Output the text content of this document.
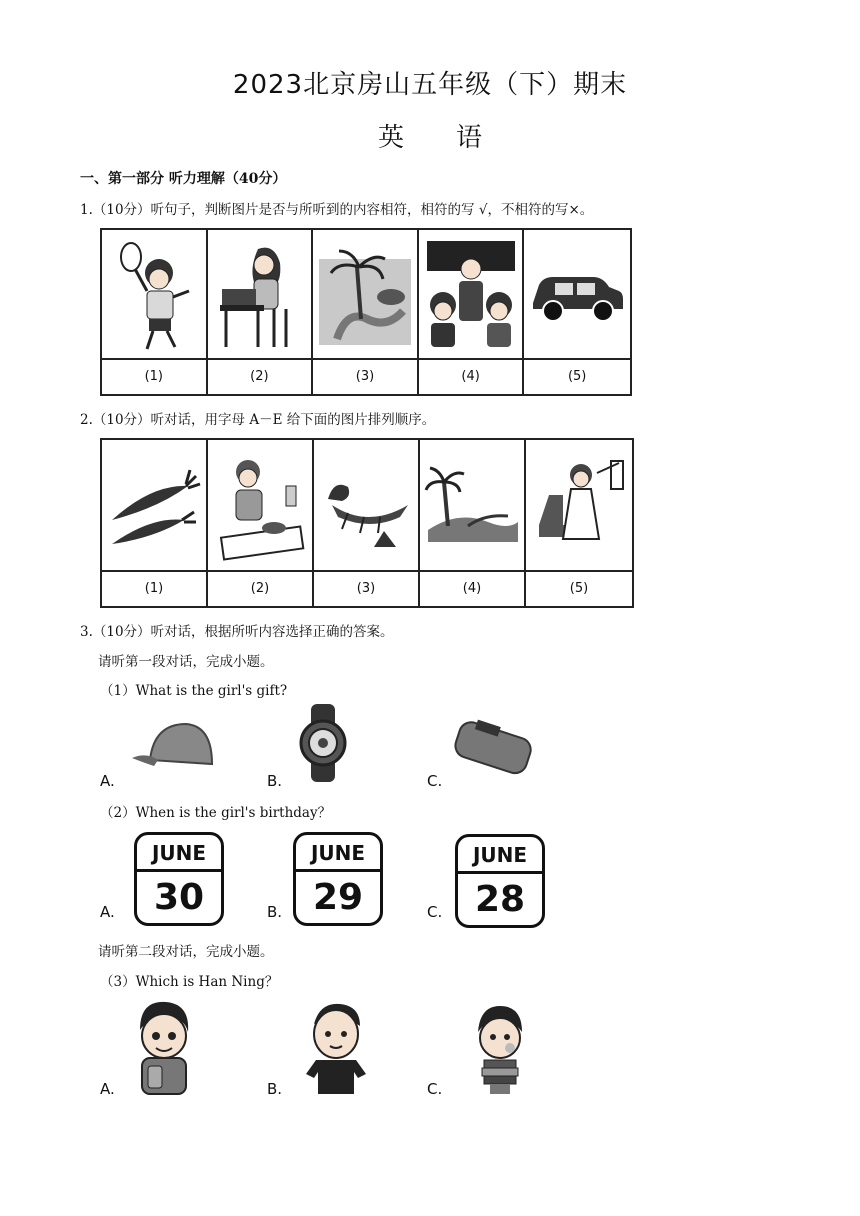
2023北京房山五年级（下）期末
英　　语
一、第一部分 听力理解（40分）
1.（10分）听句子，判断图片是否与所听到的内容相符，相符的写 √，不相符的写×。
(1)	(2)	(3)	(4)	(5)
2.（10分）听对话，用字母 A－E 给下面的图片排列顺序。
(1)	(2)	(3)	(4)	(5)
3.（10分）听对话，根据所听内容选择正确的答案。
请听第一段对话，完成小题。
（1）What is the girl's gift?
A.	B.	C.
（2）When is the girl's birthday？
A.
JUNE
30	B.
JUNE
29	C.
JUNE
28
请听第二段对话，完成小题。
（3）Which is Han Ning？
A.	B.	C.
